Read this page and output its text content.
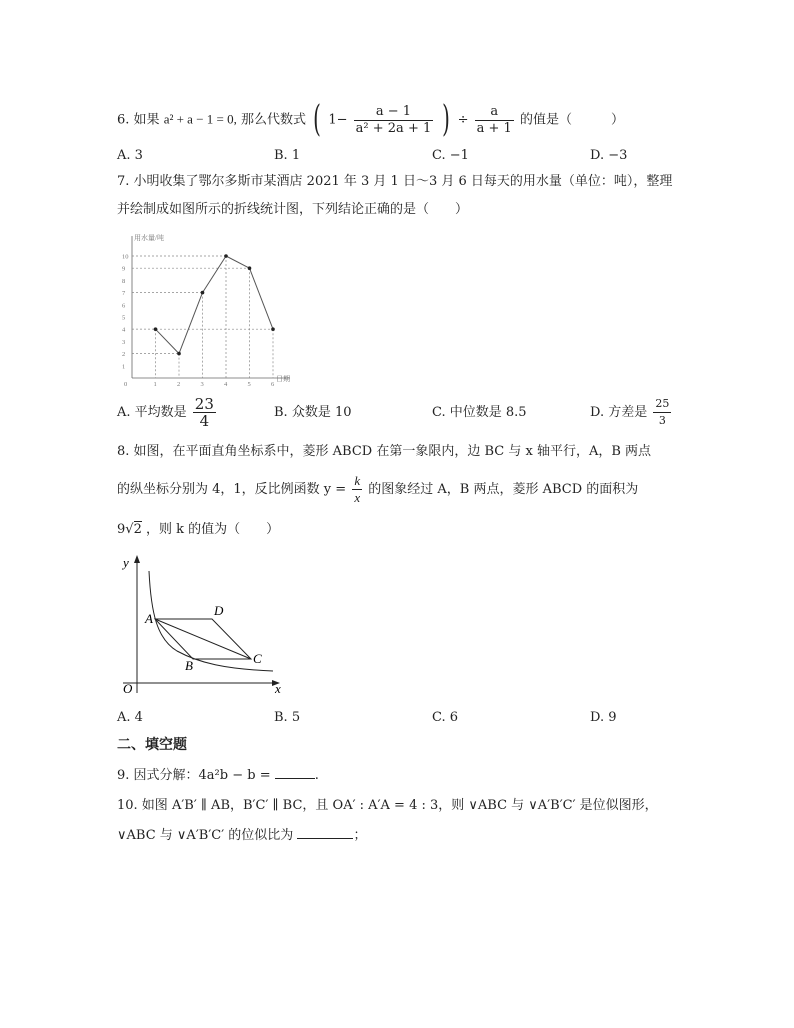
6. 如果 a² + a − 1 = 0, 那么代数式 ( $1- \frac{a - 1}{\text{a² + 2a + 1}}$ ) ÷ $\frac{a}{a + 1}$ 的值是（　　　）
A. 3	B. 1	C. −1	D. −3
7. 小明收集了鄂尔多斯市某酒店 2021 年 3 月 1 日～3 月 6 日每天的用水量（单位：吨），整理
并绘制成如图所示的折线统计图，下列结论正确的是（　　）
用水量/吨
日期
1
2
3
4
5
6
7
8
9
10
0	1	2	3	4	5	6
A. 平均数是 $\frac{23}{4}$	B. 众数是 10	C. 中位数是 8.5	D. 方差是 $\frac{25}{3}$
8. 如图，在平面直角坐标系中，菱形 ABCD 在第一象限内，边 BC 与 x 轴平行，A，B 两点
的纵坐标分别为 4，1，反比例函数 $y = \frac{k}{x}$ 的图象经过 A，B 两点，菱形 ABCD 的面积为
9√2 ，则 k 的值为（　　）
y
x
O
A
B	C
D
A. 4	B. 5	C. 6	D. 9
二、填空题
9. 因式分解：4a²b − b =	.
10. 如图 A′B′ ∥ AB，B′C′ ∥ BC，且 OA′ : A′A = 4 : 3，则 ∨ABC 与 ∨A′B′C′ 是位似图形，
∨ABC 与 ∨A′B′C′ 的位似比为	；
